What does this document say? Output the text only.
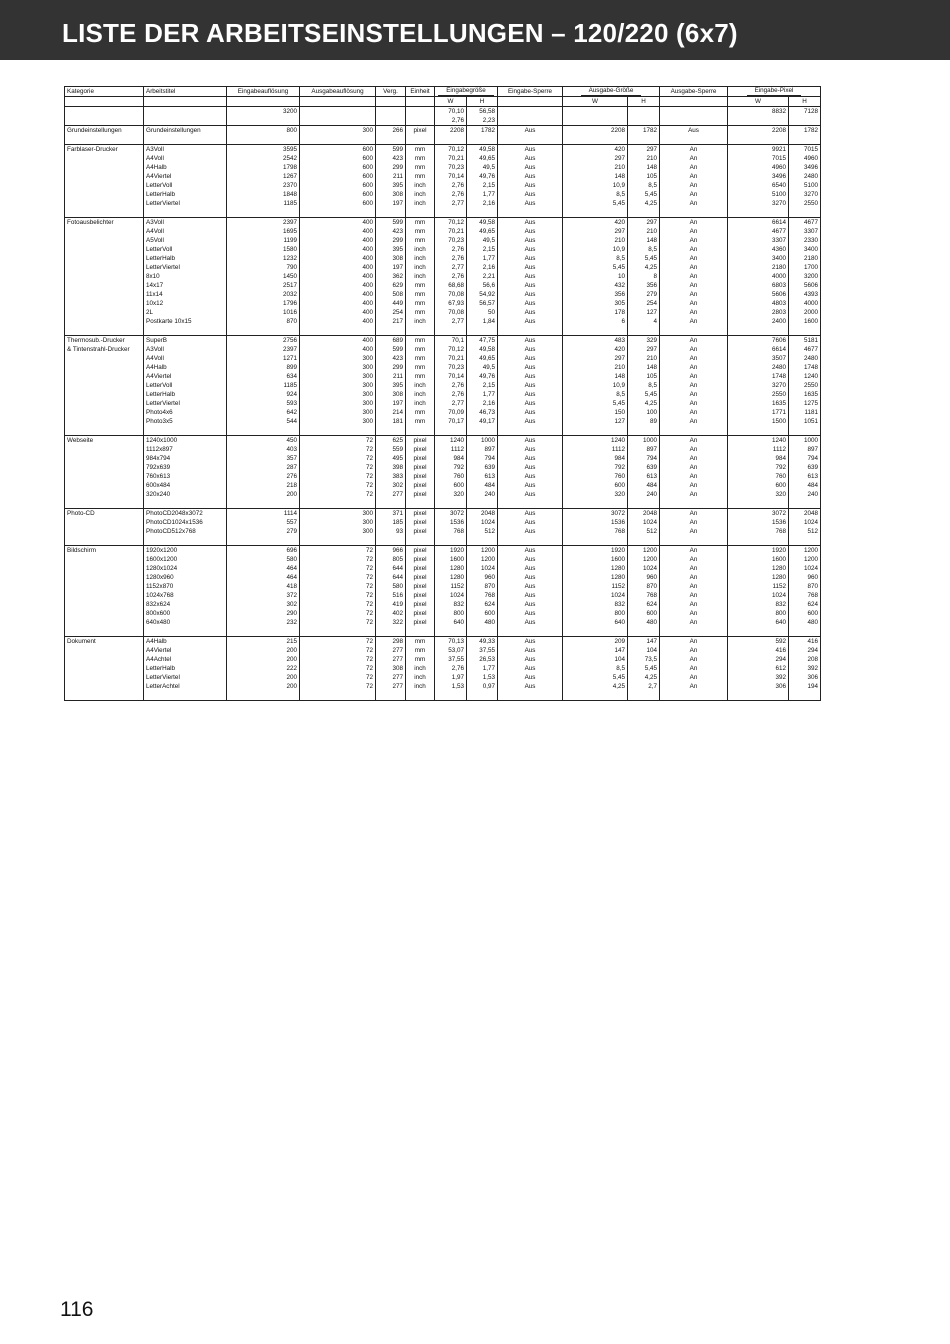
LISTE DER ARBEITSEINSTELLUNGEN – 120/220 (6x7)
Kategorie	Arbeitstitel	Eingabeauflösung	Ausgabeauflösung	Verg.	Einheit	Eingabegröße		Eingabe-Sperre	Ausgabe-Größe		Ausgabe-Sperre	Eingabe-Pixel	
						W	H		W	H		W	H
		3200				70,10	56,58					8832	7128
						2,76	2,23						
Grundeinstellungen	Grundeinstellungen	800	300	266	pixel	2208	1782	Aus	2208	1782	Aus	2208	1782

Farblaser-Drucker	A3Voll	3595	600	599	mm	70,12	49,58	Aus	420	297	An	9921	7015
	A4Voll	2542	600	423	mm	70,21	49,65	Aus	297	210	An	7015	4960
	A4Halb	1798	600	299	mm	70,23	49,5	Aus	210	148	An	4960	3496
	A4Viertel	1267	600	211	mm	70,14	49,76	Aus	148	105	An	3496	2480
	LetterVoll	2370	600	395	inch	2,76	2,15	Aus	10,9	8,5	An	6540	5100
	LetterHalb	1848	600	308	inch	2,76	1,77	Aus	8,5	5,45	An	5100	3270
	LetterViertel	1185	600	197	inch	2,77	2,16	Aus	5,45	4,25	An	3270	2550

Fotoausbelichter	A3Voll	2397	400	599	mm	70,12	49,58	Aus	420	297	An	6614	4677
	A4Voll	1695	400	423	mm	70,21	49,65	Aus	297	210	An	4677	3307
	A5Voll	1199	400	299	mm	70,23	49,5	Aus	210	148	An	3307	2330
	LetterVoll	1580	400	395	inch	2,76	2,15	Aus	10,9	8,5	An	4360	3400
	LetterHalb	1232	400	308	inch	2,76	1,77	Aus	8,5	5,45	An	3400	2180
	LetterViertel	790	400	197	inch	2,77	2,16	Aus	5,45	4,25	An	2180	1700
	8x10	1450	400	362	inch	2,76	2,21	Aus	10	8	An	4000	3200
	14x17	2517	400	629	mm	68,68	56,6	Aus	432	356	An	6803	5606
	11x14	2032	400	508	mm	70,08	54,92	Aus	356	279	An	5606	4393
	10x12	1796	400	449	mm	67,93	56,57	Aus	305	254	An	4803	4000
	2L	1016	400	254	mm	70,08	50	Aus	178	127	An	2803	2000
	Postkarte 10x15	870	400	217	inch	2,77	1,84	Aus	6	4	An	2400	1600

Thermosub.-Drucker	SuperB	2756	400	689	mm	70,1	47,75	Aus	483	329	An	7606	5181
& Tintenstrahl-Drucker	A3Voll	2397	400	599	mm	70,12	49,58	Aus	420	297	An	6614	4677
	A4Voll	1271	300	423	mm	70,21	49,65	Aus	297	210	An	3507	2480
	A4Halb	899	300	299	mm	70,23	49,5	Aus	210	148	An	2480	1748
	A4Viertel	634	300	211	mm	70,14	49,76	Aus	148	105	An	1748	1240
	LetterVoll	1185	300	395	inch	2,76	2,15	Aus	10,9	8,5	An	3270	2550
	LetterHalb	924	300	308	inch	2,76	1,77	Aus	8,5	5,45	An	2550	1635
	LetterViertel	593	300	197	inch	2,77	2,16	Aus	5,45	4,25	An	1635	1275
	Photo4x6	642	300	214	mm	70,09	46,73	Aus	150	100	An	1771	1181
	Photo3x5	544	300	181	mm	70,17	49,17	Aus	127	89	An	1500	1051

Webseite	1240x1000	450	72	625	pixel	1240	1000	Aus	1240	1000	An	1240	1000
	1112x897	403	72	559	pixel	1112	897	Aus	1112	897	An	1112	897
	984x794	357	72	495	pixel	984	794	Aus	984	794	An	984	794
	792x639	287	72	398	pixel	792	639	Aus	792	639	An	792	639
	760x613	276	72	383	pixel	760	613	Aus	760	613	An	760	613
	600x484	218	72	302	pixel	600	484	Aus	600	484	An	600	484
	320x240	200	72	277	pixel	320	240	Aus	320	240	An	320	240

Photo-CD	PhotoCD2048x3072	1114	300	371	pixel	3072	2048	Aus	3072	2048	An	3072	2048
	PhotoCD1024x1536	557	300	185	pixel	1536	1024	Aus	1536	1024	An	1536	1024
	PhotoCD512x768	279	300	93	pixel	768	512	Aus	768	512	An	768	512

Bildschirm	1920x1200	696	72	966	pixel	1920	1200	Aus	1920	1200	An	1920	1200
	1600x1200	580	72	805	pixel	1600	1200	Aus	1600	1200	An	1600	1200
	1280x1024	464	72	644	pixel	1280	1024	Aus	1280	1024	An	1280	1024
	1280x960	464	72	644	pixel	1280	960	Aus	1280	960	An	1280	960
	1152x870	418	72	580	pixel	1152	870	Aus	1152	870	An	1152	870
	1024x768	372	72	516	pixel	1024	768	Aus	1024	768	An	1024	768
	832x624	302	72	419	pixel	832	624	Aus	832	624	An	832	624
	800x600	290	72	402	pixel	800	600	Aus	800	600	An	800	600
	640x480	232	72	322	pixel	640	480	Aus	640	480	An	640	480

Dokument	A4Halb	215	72	298	mm	70,13	49,33	Aus	209	147	An	592	416
	A4Viertel	200	72	277	mm	53,07	37,55	Aus	147	104	An	416	294
	A4Achtel	200	72	277	mm	37,55	26,53	Aus	104	73,5	An	294	208
	LetterHalb	222	72	308	inch	2,76	1,77	Aus	8,5	5,45	An	612	392
	LetterViertel	200	72	277	inch	1,97	1,53	Aus	5,45	4,25	An	392	306
	LetterAchtel	200	72	277	inch	1,53	0,97	Aus	4,25	2,7	An	306	194

116
